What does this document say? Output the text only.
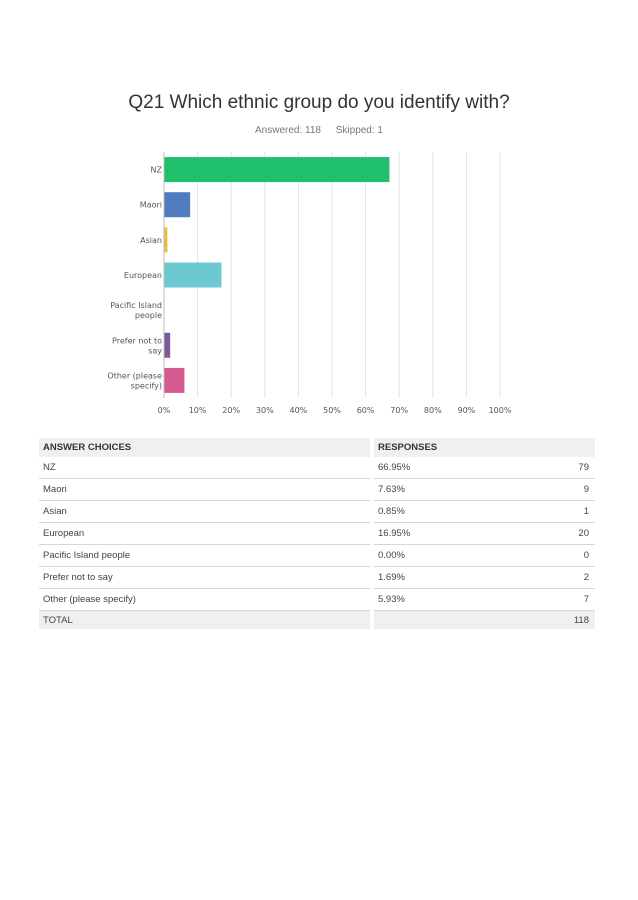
Q21 Which ethnic group do you identify with?
Answered: 118 Skipped: 1
0% 10% 20% 30% 40% 50% 60% 70% 80% 90% 100%
NZ
Maori
Asian
European
Pacific Island
people
Prefer not to
say
Other (please
specify)
ANSWER CHOICES		RESPONSES	
NZ		66.95%	79
Maori		7.63%	9
Asian		0.85%	1
European		16.95%	20
Pacific Island people		0.00%	0
Prefer not to say		1.69%	2
Other (please specify)		5.93%	7
TOTAL			118
